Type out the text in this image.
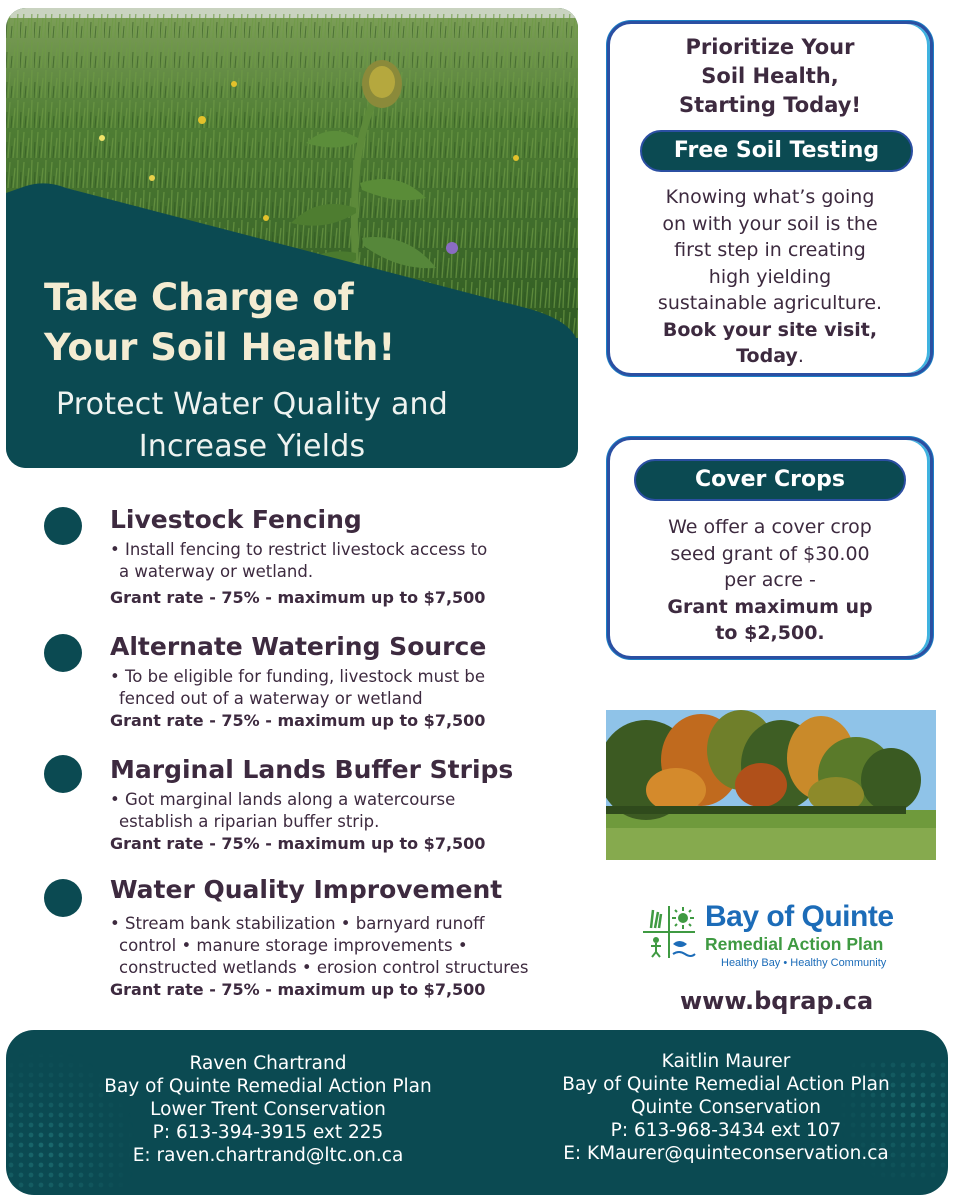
Take Charge of
Your Soil Health!
Protect Water Quality and
Increase Yields
Prioritize Your
Soil Health,
Starting Today!
Free Soil Testing
Knowing what’s going
on with your soil is the
first step in creating
high yielding
sustainable agriculture.
Book your site visit,
Today.
Cover Crops
We offer a cover crop
seed grant of $30.00
per acre -
Grant maximum up
to $2,500.
Livestock Fencing
• Install fencing to restrict livestock access to
a waterway or wetland.
Grant rate - 75% - maximum up to $7,500
Alternate Watering Source
• To be eligible for funding, livestock must be
fenced out of a waterway or wetland
Grant rate - 75% - maximum up to $7,500
Marginal Lands Buffer Strips
• Got marginal lands along a watercourse
establish a riparian buffer strip.
Grant rate - 75% - maximum up to $7,500
Water Quality Improvement
• Stream bank stabilization • barnyard runoff
control • manure storage improvements •
constructed wetlands • erosion control structures
Grant rate - 75% - maximum up to $7,500
Bay of Quinte
Remedial Action Plan
Healthy Bay • Healthy Community
www.bqrap.ca
Raven Chartrand
Bay of Quinte Remedial Action Plan
Lower Trent Conservation
P: 613-394-3915 ext 225
E: raven.chartrand@ltc.on.ca
Kaitlin Maurer
Bay of Quinte Remedial Action Plan
Quinte Conservation
P: 613-968-3434 ext 107
E: KMaurer@quinteconservation.ca
